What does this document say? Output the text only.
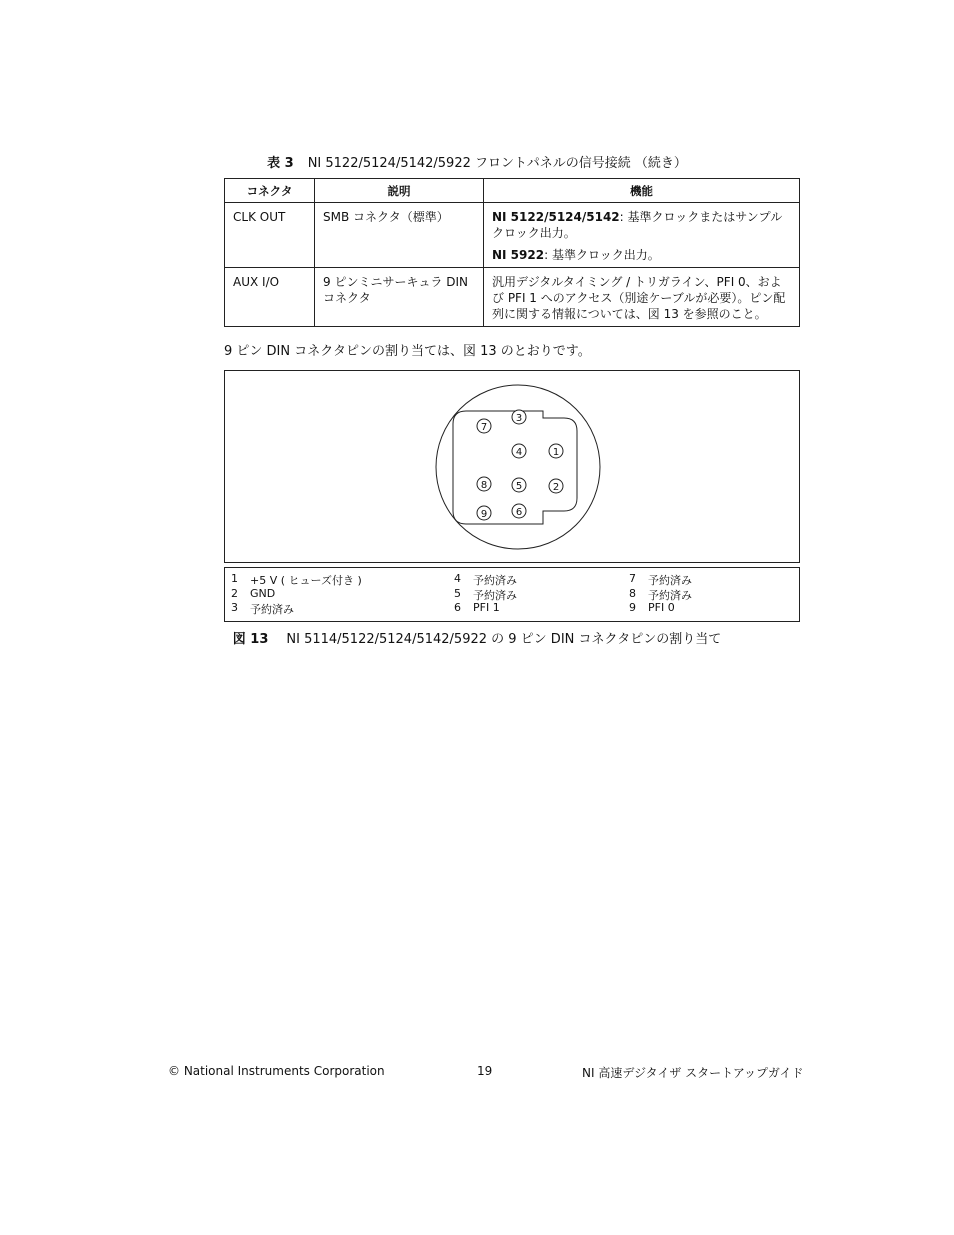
表 3 NI 5122/5124/5142/5922 フロントパネルの信号接続 （続き）
コネクタ	説明	機能
CLK OUT	SMB コネクタ（標準）	NI 5122/5124/5142: 基準クロックまたはサンプルクロック出力。
NI 5922: 基準クロック出力。

AUX I/O	9 ピンミニサーキュラ DIN コネクタ	汎用デジタルタイミング / トリガライン、PFI 0、および PFI 1 へのアクセス（別途ケーブルが必要）。ピン配列に関する情報については、図 13 を参照のこと。
9 ピン DIN コネクタピンの割り当ては、図 13 のとおりです。
1
2
3
4
5
6
7
8
9
1	+5 V ( ヒューズ付き )
2	GND
3	予約済み
4	予約済み
5	予約済み
6	PFI 1
7	予約済み
8	予約済み
9	PFI 0
図 13 NI 5114/5122/5124/5142/5922 の 9 ピン DIN コネクタピンの割り当て
© National Instruments Corporation	19	NI 高速デジタイザ スタートアップガイド
